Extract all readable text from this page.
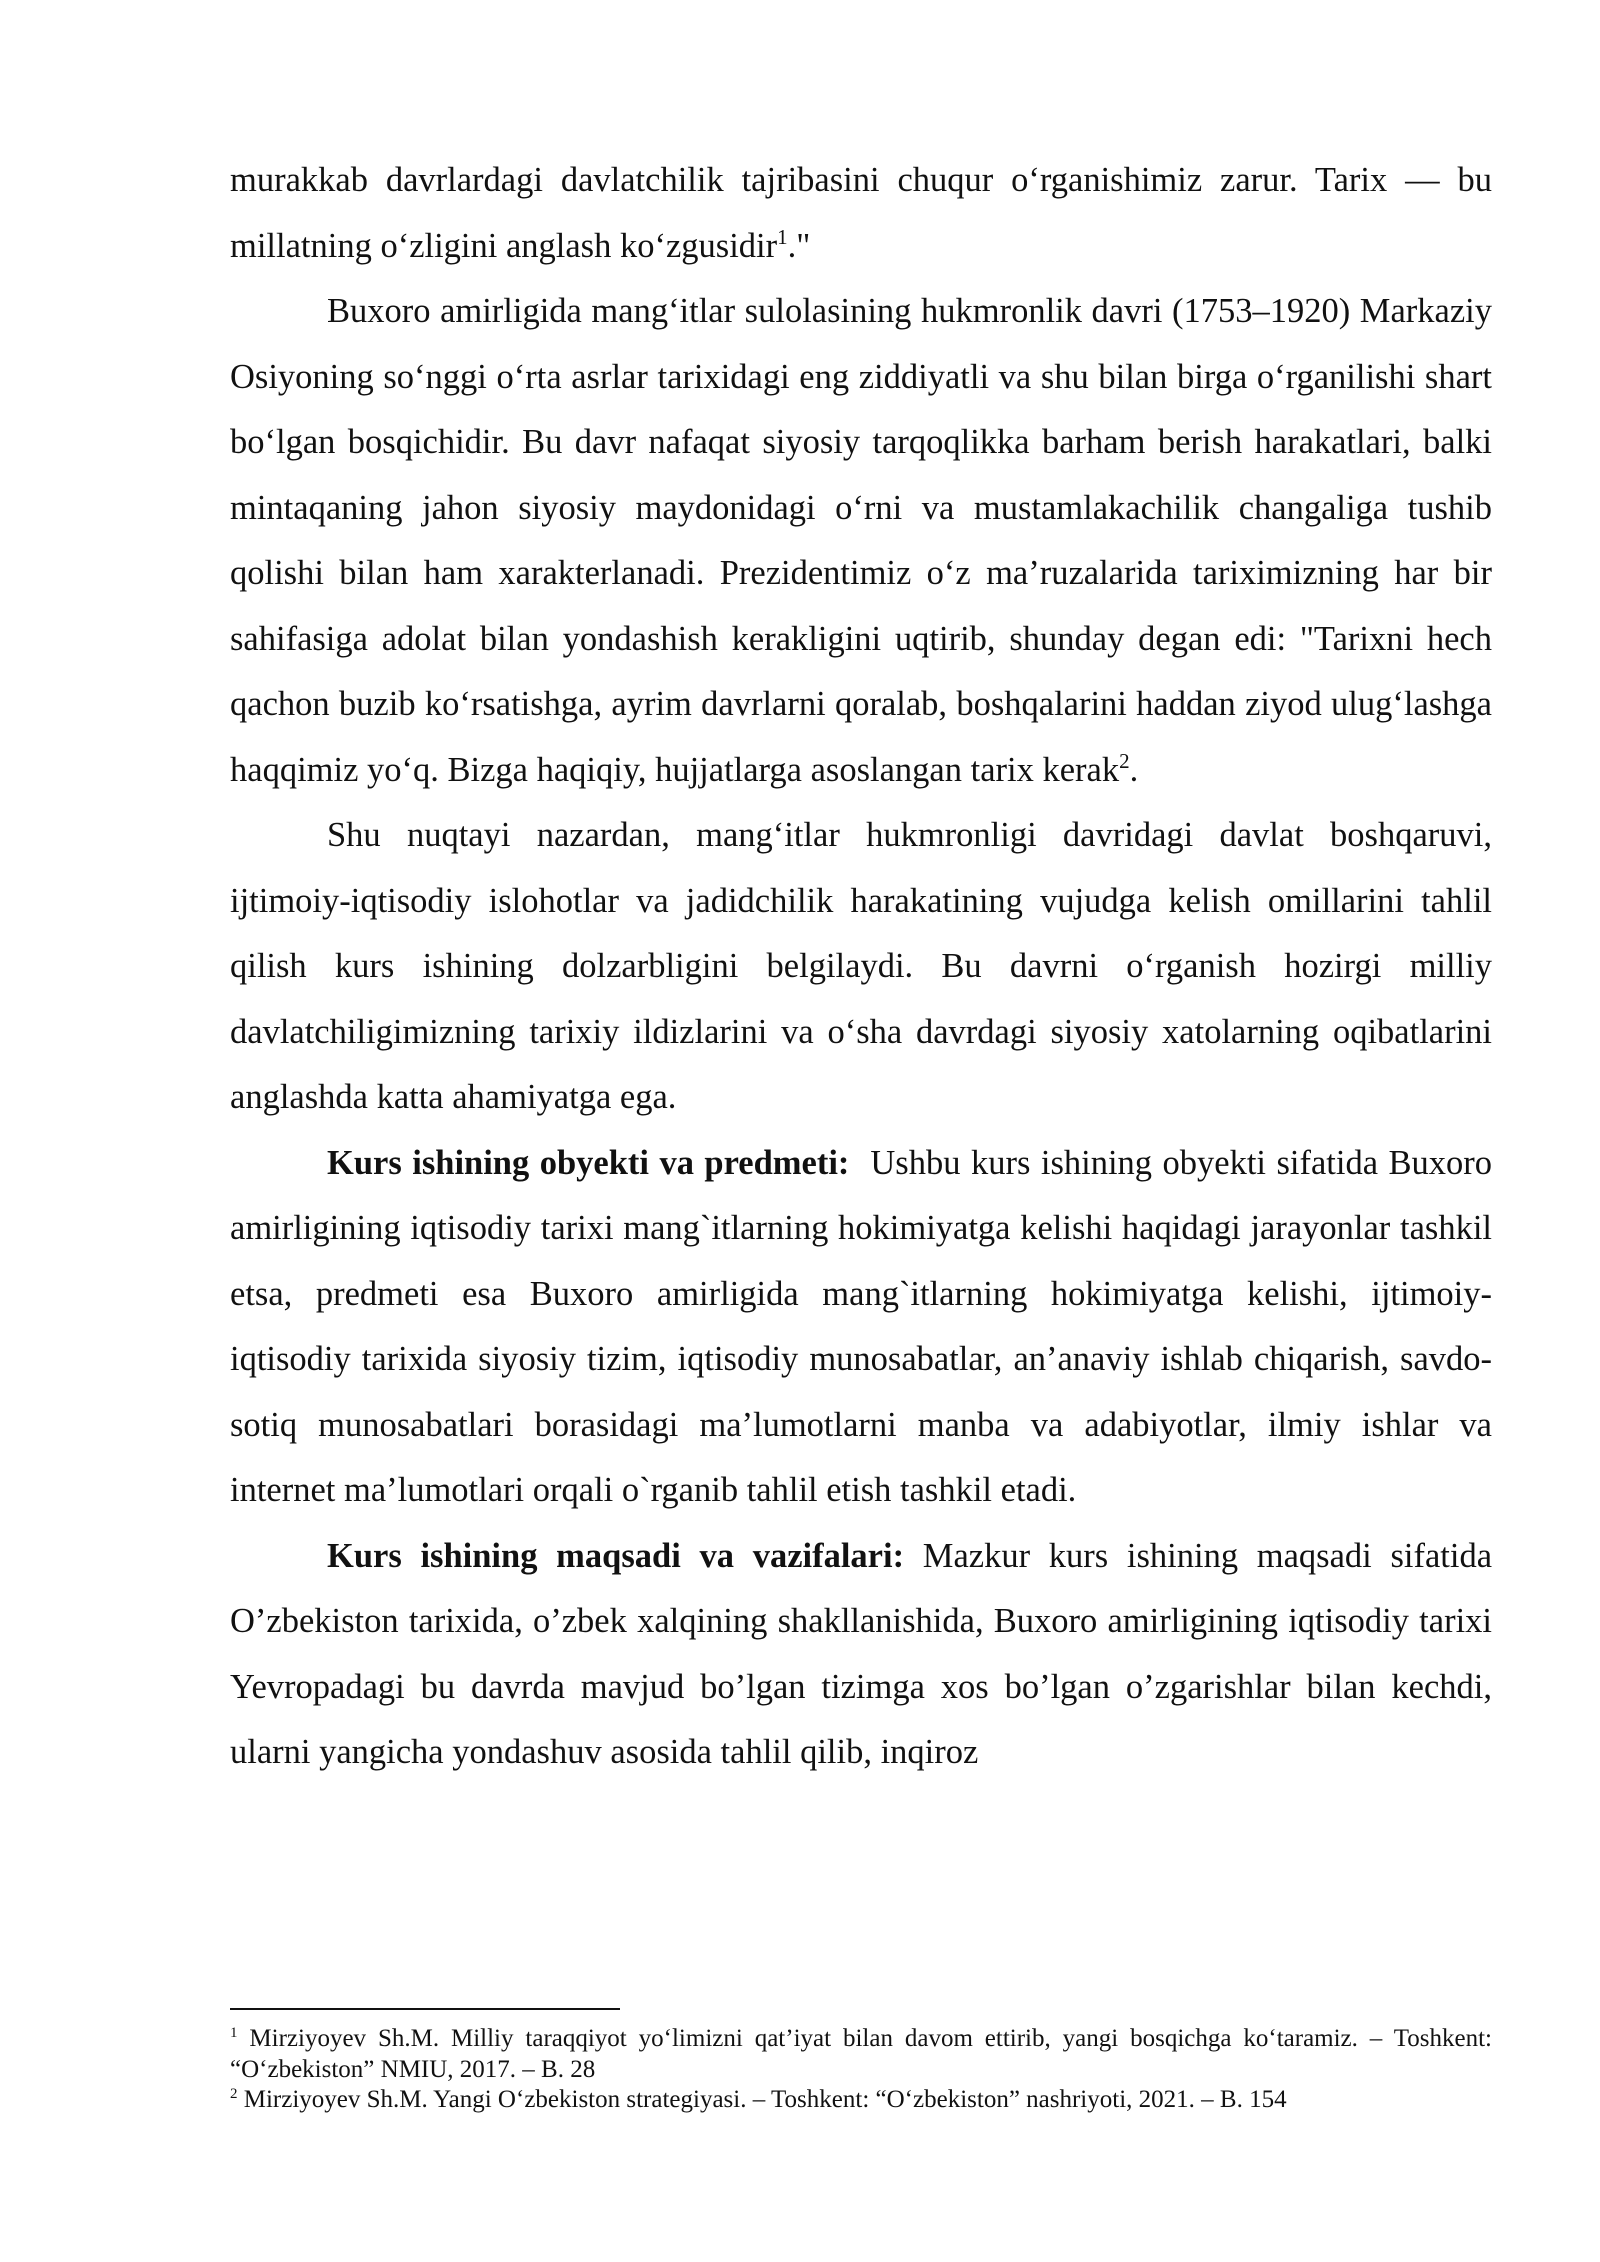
murakkab davrlardagi davlatchilik tajribasini chuqur o‘rganishimiz zarur. Tarix — bu millatning o‘zligini anglash ko‘zgusidir$^1$."

Buxoro amirligida mang‘itlar sulolasining hukmronlik davri (1753–1920) Markaziy Osiyoning so‘nggi o‘rta asrlar tarixidagi eng ziddiyatli va shu bilan birga o‘rganilishi shart bo‘lgan bosqichidir. Bu davr nafaqat siyosiy tarqoqlikka barham berish harakatlari, balki mintaqaning jahon siyosiy maydonidagi o‘rni va mustamlakachilik changaliga tushib qolishi bilan ham xarakterlanadi. Prezidentimiz o‘z ma’ruzalarida tariximizning har bir sahifasiga adolat bilan yondashish kerakligini uqtirib, shunday degan edi: "Tarixni hech qachon buzib ko‘rsatishga, ayrim davrlarni qoralab, boshqalarini haddan ziyod ulug‘lashga haqqimiz yo‘q. Bizga haqiqiy, hujjatlarga asoslangan tarix kerak$^2$.

Shu nuqtayi nazardan, mang‘itlar hukmronligi davridagi davlat boshqaruvi, ijtimoiy-iqtisodiy islohotlar va jadidchilik harakatining vujudga kelish omillarini tahlil qilish kurs ishining dolzarbligini belgilaydi. Bu davrni o‘rganish hozirgi milliy davlatchiligimizning tarixiy ildizlarini va o‘sha davrdagi siyosiy xatolarning oqibatlarini anglashda katta ahamiyatga ega.

Kurs ishining obyekti va predmeti: Ushbu kurs ishining obyekti sifatida Buxoro amirligining iqtisodiy tarixi mang`itlarning hokimiyatga kelishi haqidagi jarayonlar tashkil etsa, predmeti esa Buxoro amirligida mang`itlarning hokimiyatga kelishi, ijtimoiy-iqtisodiy tarixida siyosiy tizim, iqtisodiy munosabatlar, an’anaviy ishlab chiqarish, savdo-sotiq munosabatlari borasidagi ma’lumotlarni manba va adabiyotlar, ilmiy ishlar va internet ma’lumotlari orqali o`rganib tahlil etish tashkil etadi.

Kurs ishining maqsadi va vazifalari: Mazkur kurs ishining maqsadi sifatida O’zbekiston tarixida, o’zbek xalqining shakllanishida, Buxoro amirligining iqtisodiy tarixi Yevropadagi bu davrda mavjud bo’lgan tizimga xos bo’lgan o’zgarishlar bilan kechdi, ularni yangicha yondashuv asosida tahlil qilib, inqiroz

$^1$ Mirziyoyev Sh.M. Milliy taraqqiyot yo‘limizni qat’iyat bilan davom ettirib, yangi bosqichga ko‘taramiz. – Toshkent: “O‘zbekiston” NMIU, 2017. – B. 28

$^2$ Mirziyoyev Sh.M. Yangi O‘zbekiston strategiyasi. – Toshkent: “O‘zbekiston” nashriyoti, 2021. – B. 154
